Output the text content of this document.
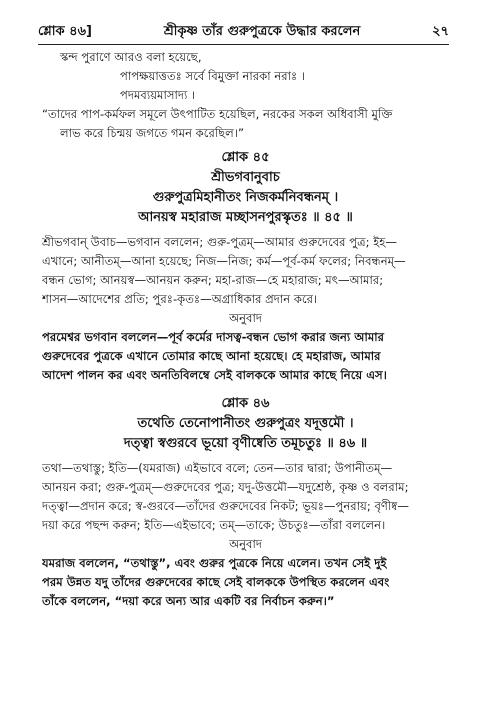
শ্লোক ৪৬]	শ্রীকৃষ্ণ তাঁর গুরুপুত্রকে উদ্ধার করলেন	২৭
স্কন্দ পুরাণে আরও বলা হয়েছে,
পাপক্ষয়াত্ততঃ সর্বে বিমুক্তা নারকা নরাঃ ।
পদমব্যয়মাসাদ্য ।
“তাদের পাপ-কর্মফল সমূলে উৎপাটিত হয়েছিল, নরকের সকল অধিবাসী মুক্তি
লাভ করে চিন্ময় জগতে গমন করেছিল।”
শ্লোক ৪৫
শ্রীভগবানুবাচ
গুরুপুত্রমিহানীতং নিজকর্মনিবন্ধনম্ ।
আনয়স্ব মহারাজ মচ্ছাসনপুরস্কৃতঃ ॥ ৪৫ ॥
শ্রীভগবান্ উবাচ—ভগবান বললেন; গুরু-পুত্রম্—আমার গুরুদেবের পুত্র; ইহ—
এখানে; আনীতম্—আনা হয়েছে; নিজ—নিজ; কর্ম—পূর্ব-কর্ম ফলের; নিবন্ধনম্—
বন্ধন ভোগ; আনয়স্ব—আনয়ন করুন; মহা-রাজ—হে মহারাজ; মৎ—আমার;
শাসন—আদেশের প্রতি; পুরঃ-কৃতঃ—অগ্রাধিকার প্রদান করে।
অনুবাদ
পরমেশ্বর ভগবান বললেন—পূর্ব কর্মের দাসত্ব-বন্ধন ভোগ করার জন্য আমার
গুরুদেবের পুত্রকে এখানে তোমার কাছে আনা হয়েছে। হে মহারাজ, আমার
আদেশ পালন কর এবং অনতিবিলম্বে সেই বালককে আমার কাছে নিয়ে এস।
শ্লোক ৪৬
তথেতি তেনোপানীতং গুরুপুত্রং যদূত্তমৌ ।
দত্ত্বা স্বগুরবে ভূয়ো বৃণীষ্বেতি তমূচতুঃ ॥ ৪৬ ॥
তথা—তথাস্তু; ইতি—(যমরাজ) এইভাবে বলে; তেন—তার দ্বারা; উপানীতম্—
আনয়ন করা; গুরু-পুত্রম্—গুরুদেবের পুত্র; যদু-উত্তমৌ—যদুশ্রেষ্ঠ, কৃষ্ণ ও বলরাম;
দত্ত্বা—প্রদান করে; স্ব-গুরবে—তাঁদের গুরুদেবের নিকট; ভূয়ঃ—পুনরায়; বৃণীষ্ব—
দয়া করে পছন্দ করুন; ইতি—এইভাবে; তম্—তাকে; উচতুঃ—তাঁরা বললেন।
অনুবাদ
যমরাজ বললেন, “তথাস্তু”, এবং গুরুর পুত্রকে নিয়ে এলেন। তখন সেই দুই
পরম উন্নত যদু তাঁদের গুরুদেবের কাছে সেই বালককে উপস্থিত করলেন এবং
তাঁকে বললেন, “দয়া করে অন্য আর একটি বর নির্বাচন করুন।”
